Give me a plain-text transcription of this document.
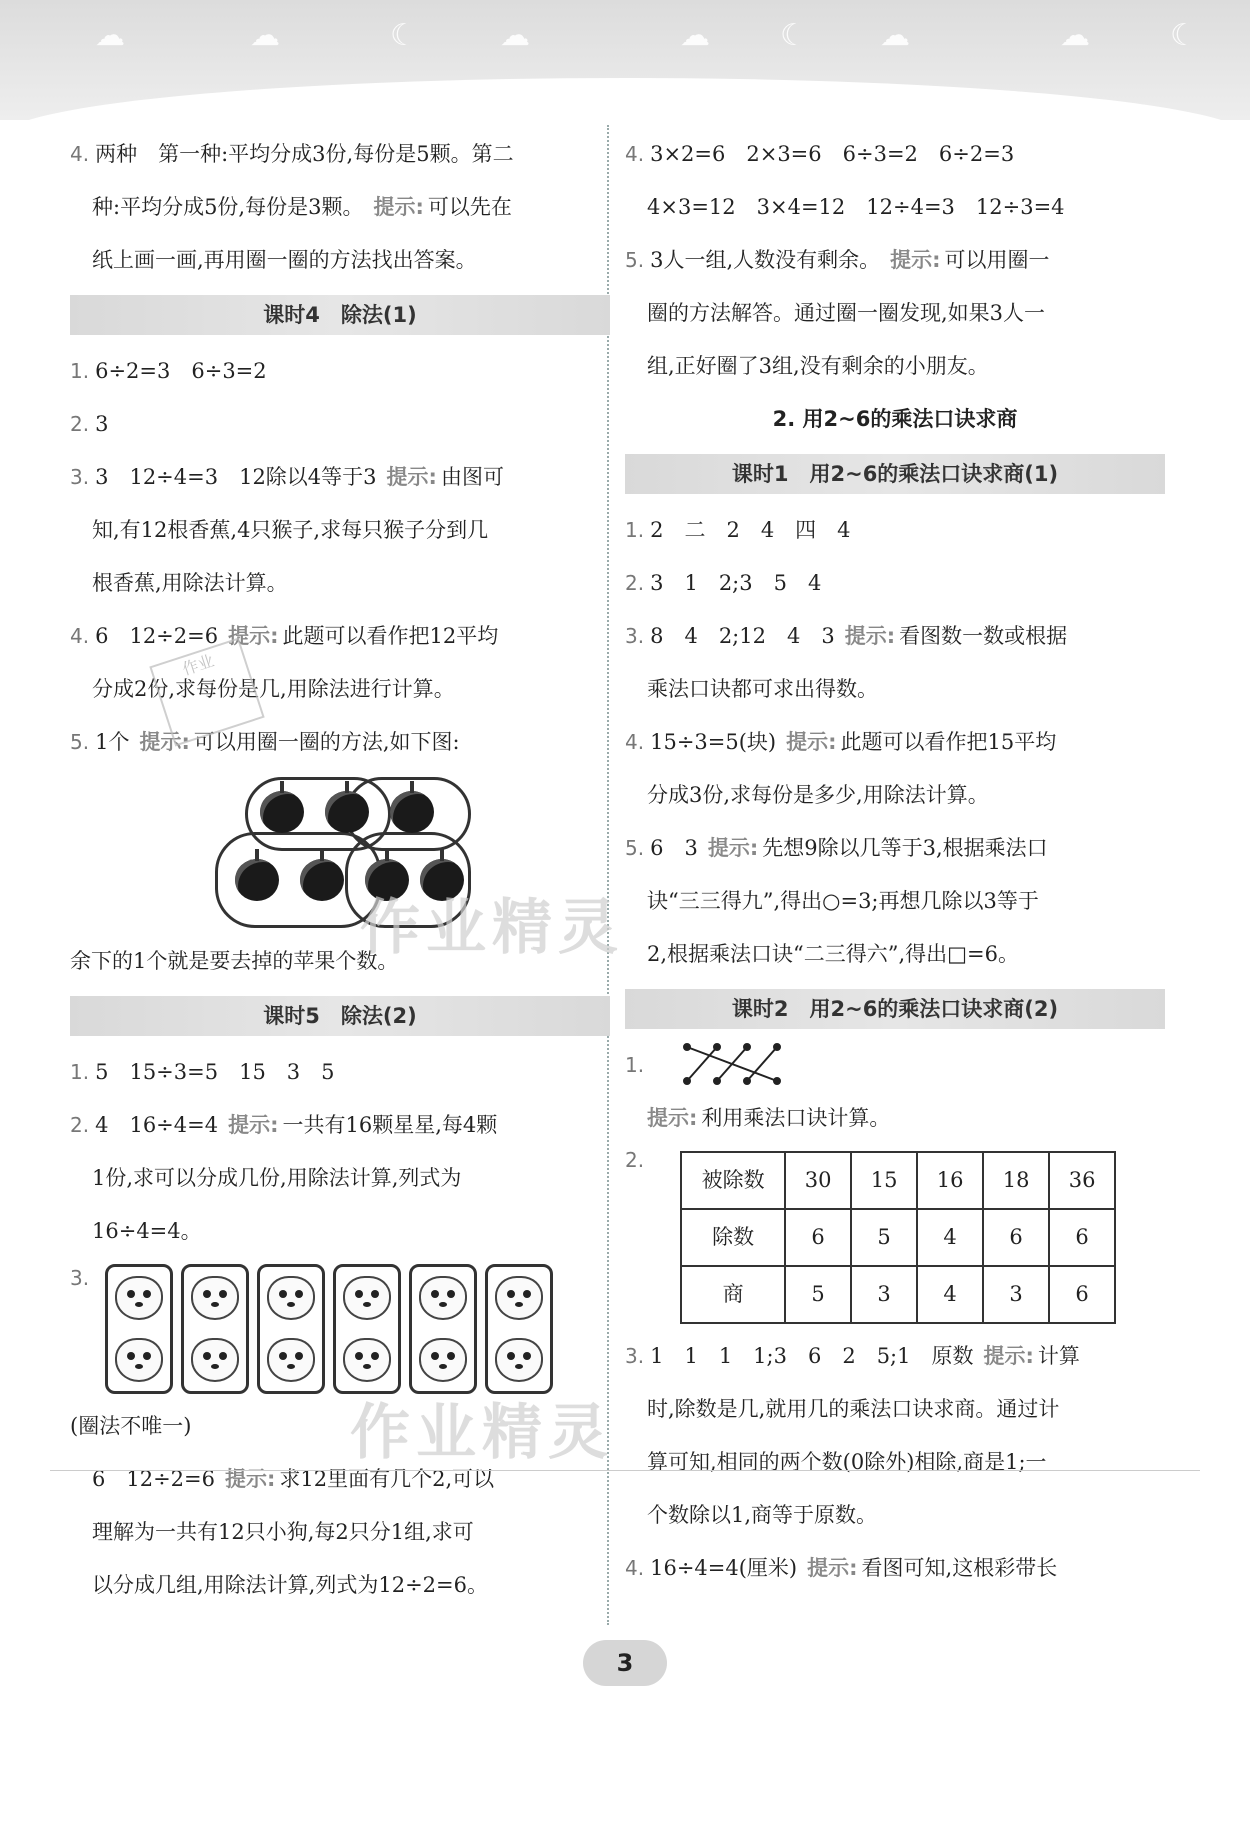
☁	☁	☾	☁	☁ ☾ ☁	☁	☾
4. 两种　第一种:平均分成3份,每份是5颗。第二
种:平均分成5份,每份是3颗。 提示: 可以先在
纸上画一画,再用圈一圈的方法找出答案。
课时4　除法(1)
1. 6÷2=3　6÷3=2
2. 3
3. 3　12÷4=3　12除以4等于3 提示: 由图可
知,有12根香蕉,4只猴子,求每只猴子分到几
根香蕉,用除法计算。
4. 6　12÷2=6 提示: 此题可以看作把12平均
分成2份,求每份是几,用除法进行计算。
5. 1个 提示: 可以用圈一圈的方法,如下图:
余下的1个就是要去掉的苹果个数。
课时5　除法(2)
1. 5　15÷3=5　15　3　5
2. 4　16÷4=4 提示: 一共有16颗星星,每4颗
1份,求可以分成几份,用除法计算,列式为
16÷4=4。
3.
(圈法不唯一)
6　12÷2=6 提示: 求12里面有几个2,可以
理解为一共有12只小狗,每2只分1组,求可
以分成几组,用除法计算,列式为12÷2=6。
4. 3×2=6　2×3=6　6÷3=2　6÷2=3
4×3=12　3×4=12　12÷4=3　12÷3=4
5. 3人一组,人数没有剩余。 提示: 可以用圈一
圈的方法解答。通过圈一圈发现,如果3人一
组,正好圈了3组,没有剩余的小朋友。
2. 用2~6的乘法口诀求商
课时1　用2~6的乘法口诀求商(1)
1. 2　二　2　4　四　4
2. 3　1　2;3　5　4
3. 8　4　2;12　4　3 提示: 看图数一数或根据
乘法口诀都可求出得数。
4. 15÷3=5(块) 提示: 此题可以看作把15平均
分成3份,求每份是多少,用除法计算。
5. 6　3 提示: 先想9除以几等于3,根据乘法口
诀“三三得九”,得出○=3;再想几除以3等于
2,根据乘法口诀“二三得六”,得出□=6。
课时2　用2~6的乘法口诀求商(2)
1.
提示: 利用乘法口诀计算。
2.
被除数	30	15	16	18	36
除数	6	5	4	6	6
商	5	3	4	3	6
3. 1　1　1　1;3　6　2　5;1　原数 提示: 计算
时,除数是几,就用几的乘法口诀求商。通过计
算可知,相同的两个数(0除外)相除,商是1;一
个数除以1,商等于原数。
4. 16÷4=4(厘米) 提示: 看图可知,这根彩带长
作业
作业精灵
作业精灵
3
